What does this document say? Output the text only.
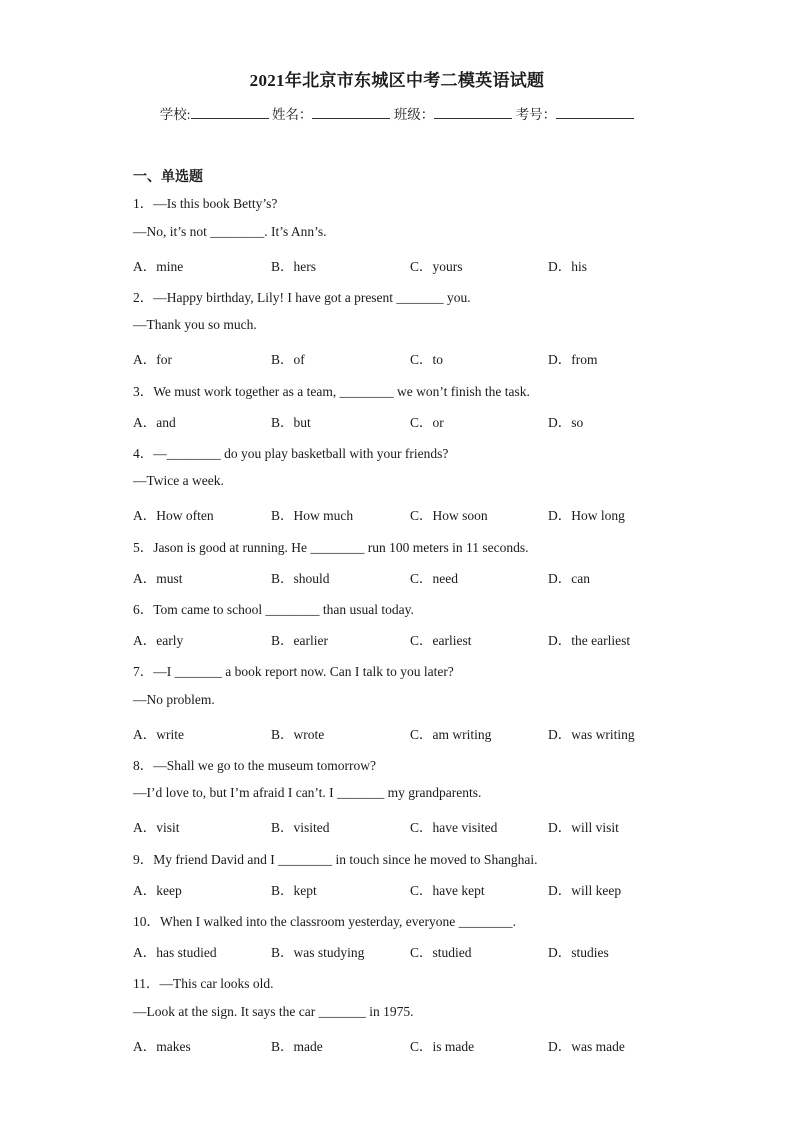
2021年北京市东城区中考二模英语试题
学校:	姓名：	班级：	考号：
一、单选题
1．—Is this book Betty’s?
—No, it’s not ________. It’s Ann’s.
A．mine	B．hers	C．yours	D．his
2．—Happy birthday, Lily! I have got a present _______ you.
—Thank you so much.
A．for	B．of	C．to	D．from
3．We must work together as a team, ________ we won’t finish the task.
A．and	B．but	C．or	D．so
4．—________ do you play basketball with your friends?
—Twice a week.
A．How often	B．How much	C．How soon	D．How long
5．Jason is good at running. He ________ run 100 meters in 11 seconds.
A．must	B．should	C．need	D．can
6．Tom came to school ________ than usual today.
A．early	B．earlier	C．earliest	D．the earliest
7．—I _______ a book report now. Can I talk to you later?
—No problem.
A．write	B．wrote	C．am writing	D．was writing
8．—Shall we go to the museum tomorrow?
—I’d love to, but I’m afraid I can’t. I _______ my grandparents.
A．visit	B．visited	C．have visited	D．will visit
9．My friend David and I ________ in touch since he moved to Shanghai.
A．keep	B．kept	C．have kept	D．will keep
10．When I walked into the classroom yesterday, everyone ________.
A．has studied	B．was studying	C．studied	D．studies
11．—This car looks old.
—Look at the sign. It says the car _______ in 1975.
A．makes	B．made	C．is made	D．was made
